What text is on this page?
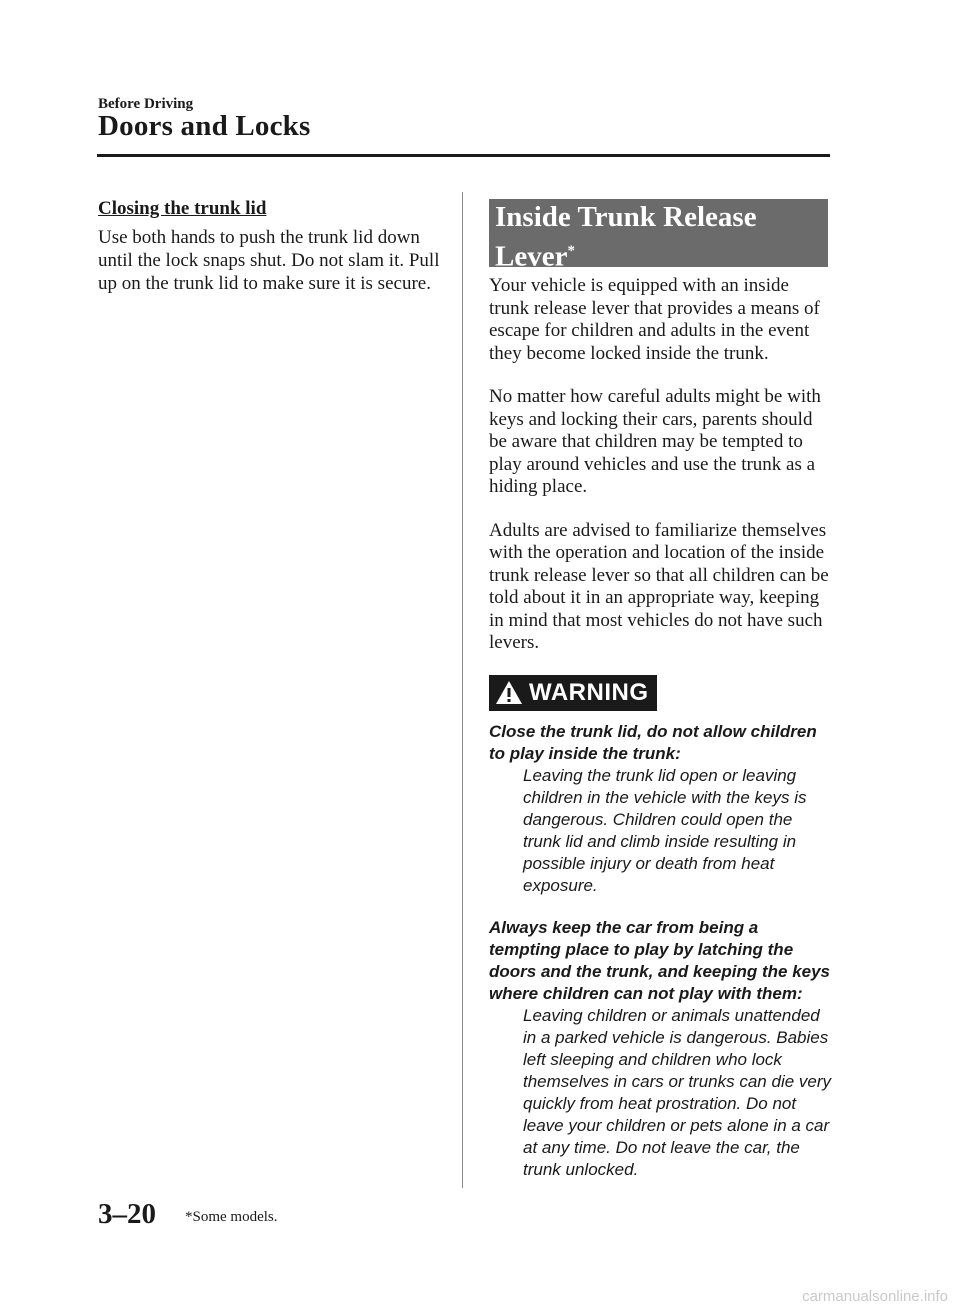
Before Driving
Doors and Locks
Closing the trunk lid

Use both hands to push the trunk lid down until the lock snaps shut. Do not slam it. Pull up on the trunk lid to make sure it is secure.

Inside Trunk Release Lever*

Your vehicle is equipped with an inside trunk release lever that provides a means of escape for children and adults in the event they become locked inside the trunk.

No matter how careful adults might be with keys and locking their cars, parents should be aware that children may be tempted to play around vehicles and use the trunk as a hiding place.

Adults are advised to familiarize themselves with the operation and location of the inside trunk release lever so that all children can be told about it in an appropriate way, keeping in mind that most vehicles do not have such levers.

WARNING

Close the trunk lid, do not allow children to play inside the trunk:

Leaving the trunk lid open or leaving children in the vehicle with the keys is dangerous. Children could open the trunk lid and climb inside resulting in possible injury or death from heat exposure.

Always keep the car from being a tempting place to play by latching the doors and the trunk, and keeping the keys where children can not play with them:

Leaving children or animals unattended in a parked vehicle is dangerous. Babies left sleeping and children who lock themselves in cars or trunks can die very quickly from heat prostration. Do not leave your children or pets alone in a car at any time. Do not leave the car, the trunk unlocked.

3–20 *Some models.
carmanualsonline.info
